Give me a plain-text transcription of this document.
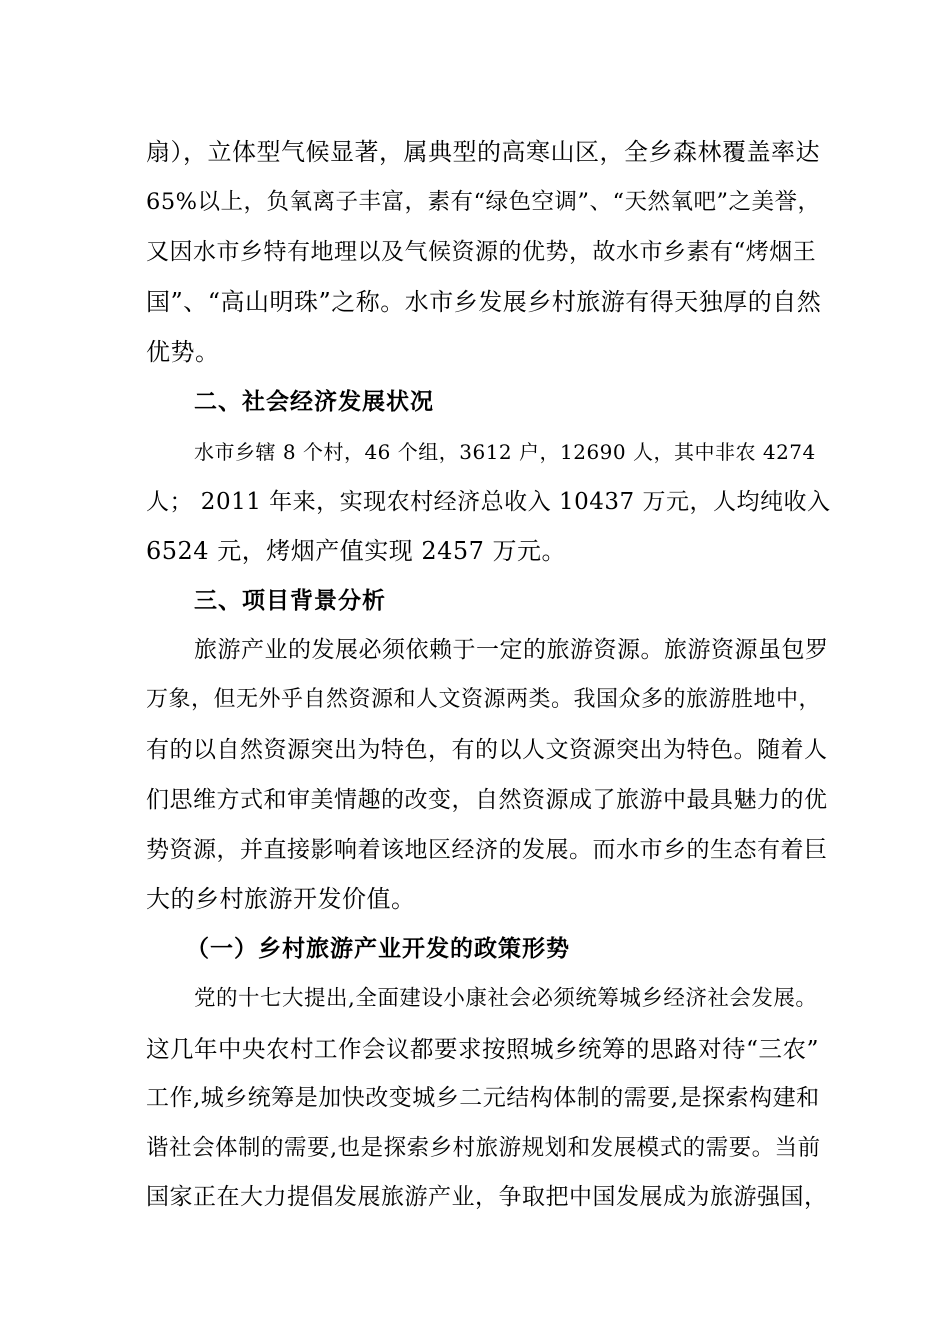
扇），立体型气候显著，属典型的高寒山区，全乡森林覆盖率达
65%以上，负氧离子丰富，素有“绿色空调”、“天然氧吧”之美誉，
又因水市乡特有地理以及气候资源的优势，故水市乡素有“烤烟王
国”、“高山明珠”之称。水市乡发展乡村旅游有得天独厚的自然
优势。
二、社会经济发展状况
水市乡辖 8 个村，46 个组，3612 户，12690 人，其中非农 4274
人； 2011 年来，实现农村经济总收入 10437 万元，人均纯收入
6524 元，烤烟产值实现 2457 万元。
三、项目背景分析
旅游产业的发展必须依赖于一定的旅游资源。旅游资源虽包罗
万象，但无外乎自然资源和人文资源两类。我国众多的旅游胜地中，
有的以自然资源突出为特色，有的以人文资源突出为特色。随着人
们思维方式和审美情趣的改变，自然资源成了旅游中最具魅力的优
势资源，并直接影响着该地区经济的发展。而水市乡的生态有着巨
大的乡村旅游开发价值。
（一）乡村旅游产业开发的政策形势
党的十七大提出,全面建设小康社会必须统筹城乡经济社会发展。
这几年中央农村工作会议都要求按照城乡统筹的思路对待“三农”
工作,城乡统筹是加快改变城乡二元结构体制的需要,是探索构建和
谐社会体制的需要,也是探索乡村旅游规划和发展模式的需要。当前
国家正在大力提倡发展旅游产业，争取把中国发展成为旅游强国，
